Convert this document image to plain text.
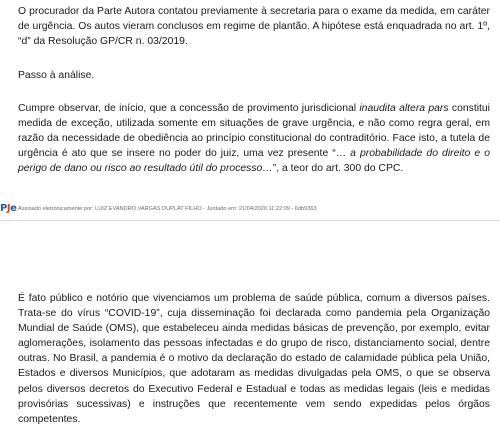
O procurador da Parte Autora contatou previamente à secretaria para o exame da medida, em caráter de urgência. Os autos vieram conclusos em regime de plantão. A hipótese está enquadrada no art. 1º, “d” da Resolução GP/CR n. 03/2019.

Passo à análise.

Cumpre observar, de início, que a concessão de provimento jurisdicional inaudita altera pars constitui medida de exceção, utilizada somente em situações de grave urgência, e não como regra geral, em razão da necessidade de obediência ao princípio constitucional do contraditório. Face isto, a tutela de urgência é ato que se insere no poder do juiz, uma vez presente “… a probabilidade do direito e o perigo de dano ou risco ao resultado útil do processo…”, a teor do art. 300 do CPC.

PJe Assinado eletronicamente por: LUIZ EVANDRO VARGAS DUPLAT FILHO - Juntado em: 21/04/2020 11:22:09 - 6db9363

É fato público e notório que vivenciamos um problema de saúde pública, comum a diversos países. Trata-se do vírus “COVID-19”, cuja disseminação foi declarada como pandemia pela Organização Mundial de Saúde (OMS), que estabeleceu ainda medidas básicas de prevenção, por exemplo, evitar aglomerações, isolamento das pessoas infectadas e do grupo de risco, distanciamento social, dentre outras. No Brasil, a pandemia é o motivo da declaração do estado de calamidade pública pela União, Estados e diversos Municípios, que adotaram as medidas divulgadas pela OMS, o que se observa pelos diversos decretos do Executivo Federal e Estadual e todas as medidas legais (leis e medidas provisórias sucessivas) e instruções que recentemente vem sendo expedidas pelos órgãos competentes.
